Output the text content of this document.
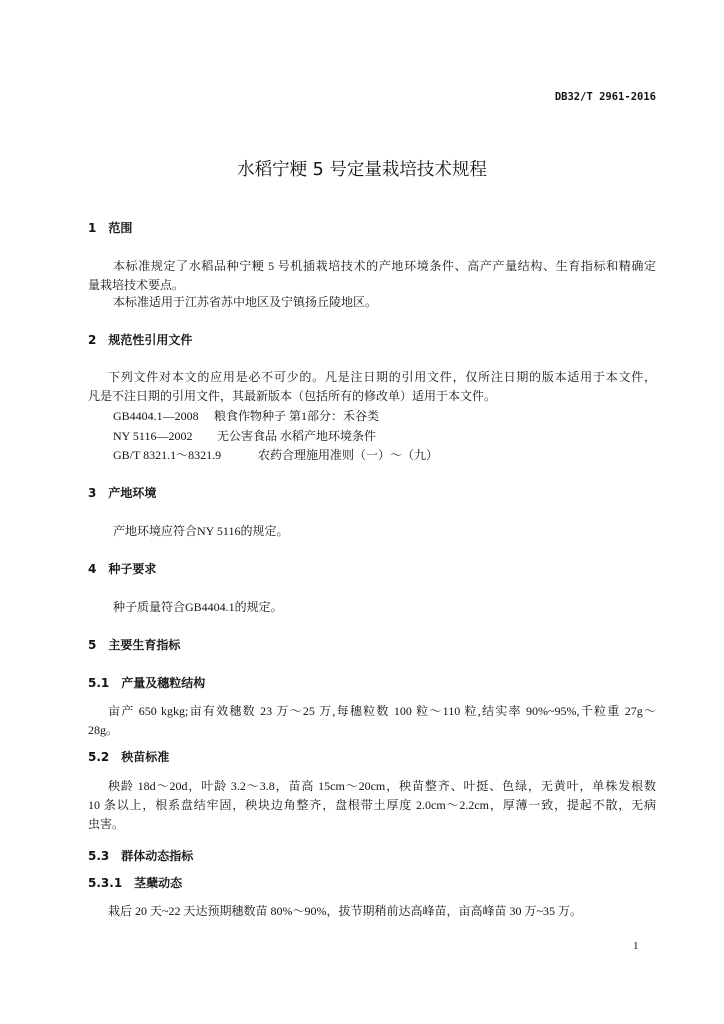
DB32/T 2961-2016
水稻宁粳 5 号定量栽培技术规程
1 范围
本标准规定了水稻品种宁粳 5 号机插栽培技术的产地环境条件、高产产量结构、生育指标和精确定
量栽培技术要点。
本标准适用于江苏省苏中地区及宁镇扬丘陵地区。
2 规范性引用文件
下列文件对本文的应用是必不可少的。凡是注日期的引用文件，仅所注日期的版本适用于本文件，
凡是不注日期的引用文件，其最新版本（包括所有的修改单）适用于本文件。
GB4404.1—2008 粮食作物种子 第1部分：禾谷类
NY 5116—2002 无公害食品 水稻产地环境条件
GB/T 8321.1～8321.9	农药合理施用准则（一）～（九）
3 产地环境
产地环境应符合NY 5116的规定。
4 种子要求
种子质量符合GB4404.1的规定。
5 主要生育指标
5.1 产量及穗粒结构
亩产 650 kgkg;亩有效穗数 23 万～25 万,每穗粒数 100 粒～110 粒,结实率 90%~95%,千粒重 27g～
28g。
5.2 秧苗标准
秧龄 18d～20d，叶龄 3.2～3.8，苗高 15cm～20cm，秧苗整齐、叶挺、色绿，无黄叶，单株发根数
10 条以上，根系盘结牢固，秧块边角整齐，盘根带土厚度 2.0cm～2.2cm，厚薄一致，提起不散，无病
虫害。
5.3 群体动态指标
5.3.1 茎蘖动态
栽后 20 天~22 天达预期穗数苗 80%～90%，拔节期稍前达高峰苗，亩高峰苗 30 万~35 万。
1
